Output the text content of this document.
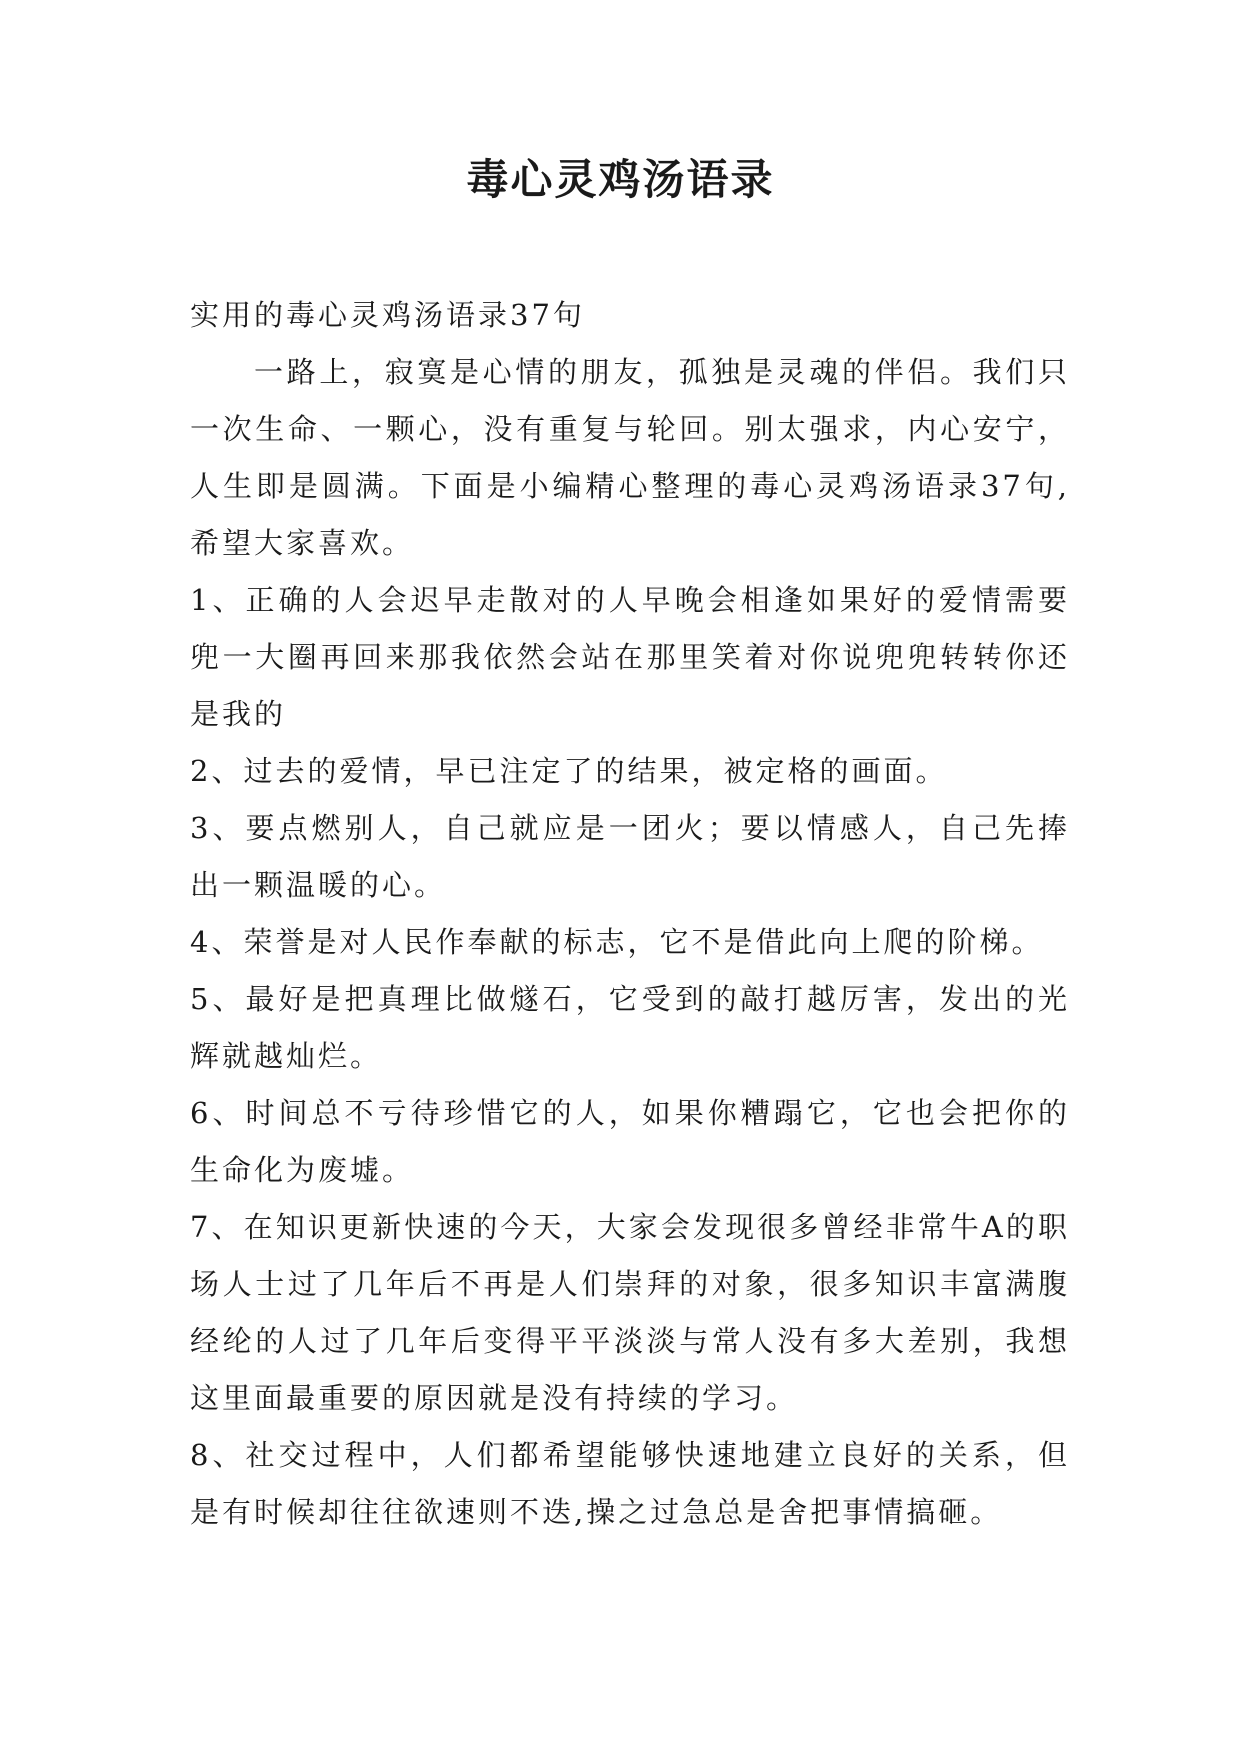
毒心灵鸡汤语录

实用的毒心灵鸡汤语录37句

一路上，寂寞是心情的朋友，孤独是灵魂的伴侣。我们只一次生命、一颗心，没有重复与轮回。别太强求，内心安宁，人生即是圆满。下面是小编精心整理的毒心灵鸡汤语录37句,希望大家喜欢。

1、正确的人会迟早走散对的人早晚会相逢如果好的爱情需要兜一大圈再回来那我依然会站在那里笑着对你说兜兜转转你还是我的

2、过去的爱情，早已注定了的结果，被定格的画面。

3、要点燃别人，自己就应是一团火；要以情感人，自己先捧出一颗温暖的心。

4、荣誉是对人民作奉献的标志，它不是借此向上爬的阶梯。

5、最好是把真理比做燧石，它受到的敲打越厉害，发出的光辉就越灿烂。

6、时间总不亏待珍惜它的人，如果你糟蹋它，它也会把你的生命化为废墟。

7、在知识更新快速的今天，大家会发现很多曾经非常牛A的职场人士过了几年后不再是人们崇拜的对象，很多知识丰富满腹经纶的人过了几年后变得平平淡淡与常人没有多大差别，我想这里面最重要的原因就是没有持续的学习。

8、社交过程中，人们都希望能够快速地建立良好的关系，但是有时候却往往欲速则不迭,操之过急总是舍把事情搞砸。
